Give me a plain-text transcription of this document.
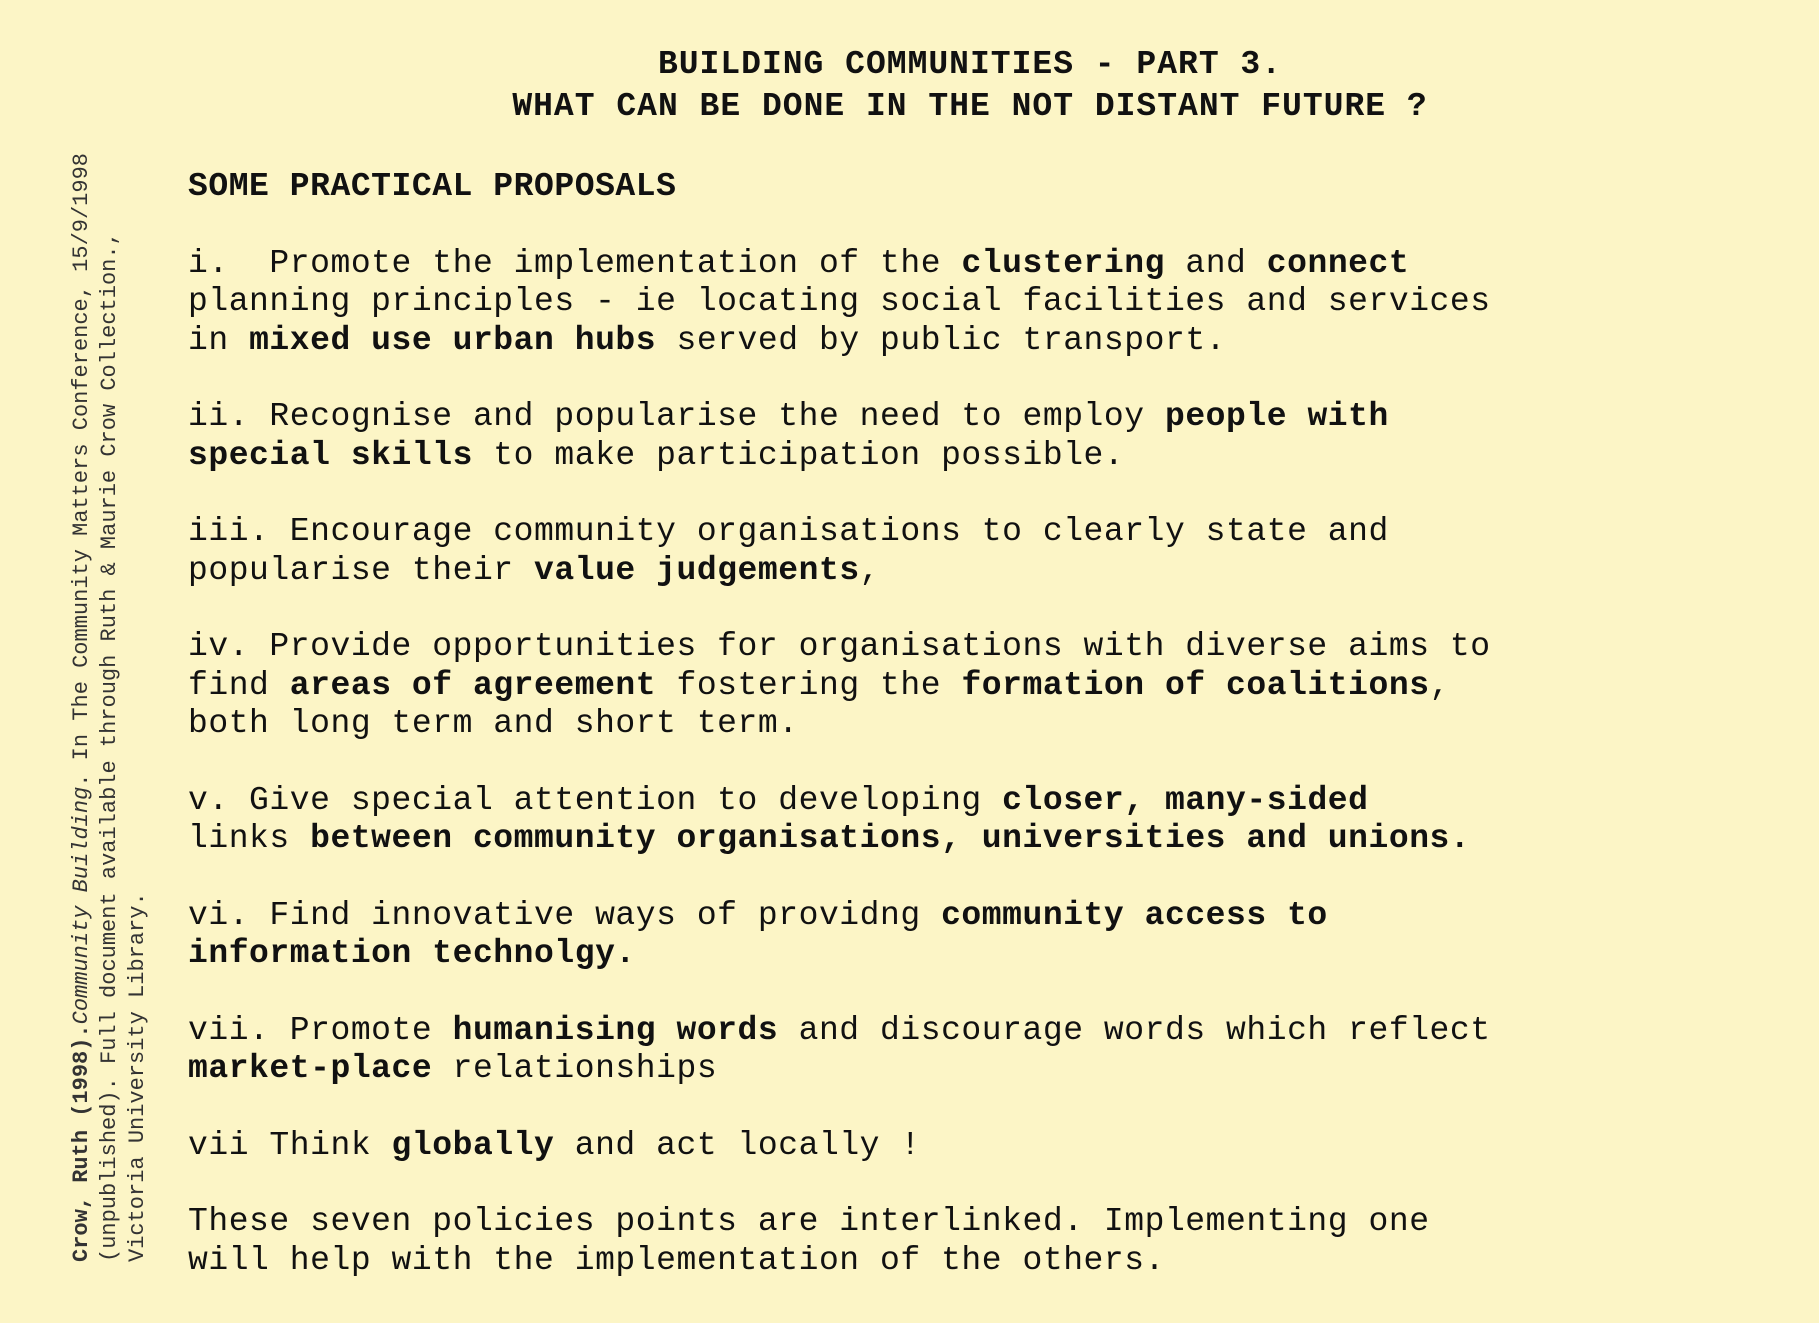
Crow, Ruth (1998).Community Building. In The Community Matters Conference, 15/9/1998 (unpublished). Full document available through Ruth & Maurie Crow Collection., Victoria University Library.
BUILDING COMMUNITIES - PART 3.
WHAT CAN BE DONE IN THE NOT DISTANT FUTURE ?
SOME PRACTICAL PROPOSALS
i.  Promote the implementation of the clustering and connect
planning principles - ie locating social facilities and services
in mixed use urban hubs served by public transport.
ii. Recognise and popularise the need to employ people with
special skills to make participation possible.
iii. Encourage community organisations to clearly state and
popularise their value judgements,
iv. Provide opportunities for organisations with diverse aims to
find areas of agreement fostering the formation of coalitions,
both long term and short term.
v. Give special attention to developing closer, many-sided
links between community organisations, universities and unions.
vi. Find innovative ways of providng community access to
information technolgy.
vii. Promote humanising words and discourage words which reflect
market-place relationships
vii Think globally and act locally !
These seven policies points are interlinked. Implementing one
will help with the implementation of the others.
